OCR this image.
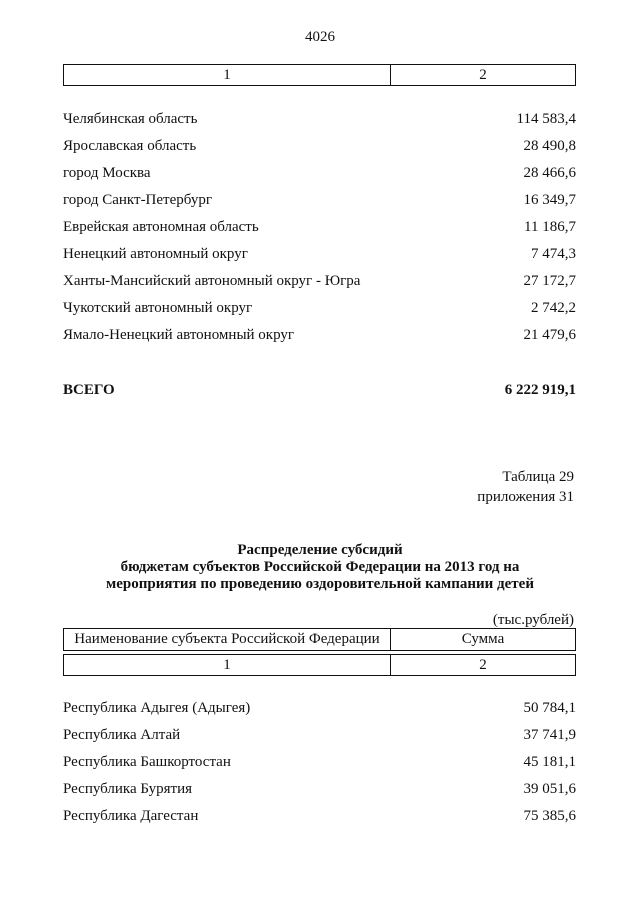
4026
1	2
Челябинская область	114 583,4
Ярославская область	28 490,8
город Москва	28 466,6
город Санкт-Петербург	16 349,7
Еврейская автономная область	11 186,7
Ненецкий автономный округ	7 474,3
Ханты-Мансийский автономный округ - Югра	27 172,7
Чукотский автономный округ	2 742,2
Ямало-Ненецкий автономный округ	21 479,6
ВСЕГО	6 222 919,1
Таблица 29
приложения 31
Распределение субсидий
бюджетам субъектов Российской Федерации на 2013 год на
мероприятия по проведению оздоровительной кампании детей
(тыс.рублей)
Наименование субъекта Российской Федерации	Сумма
1	2
Республика Адыгея (Адыгея)	50 784,1
Республика Алтай	37 741,9
Республика Башкортостан	45 181,1
Республика Бурятия	39 051,6
Республика Дагестан	75 385,6
